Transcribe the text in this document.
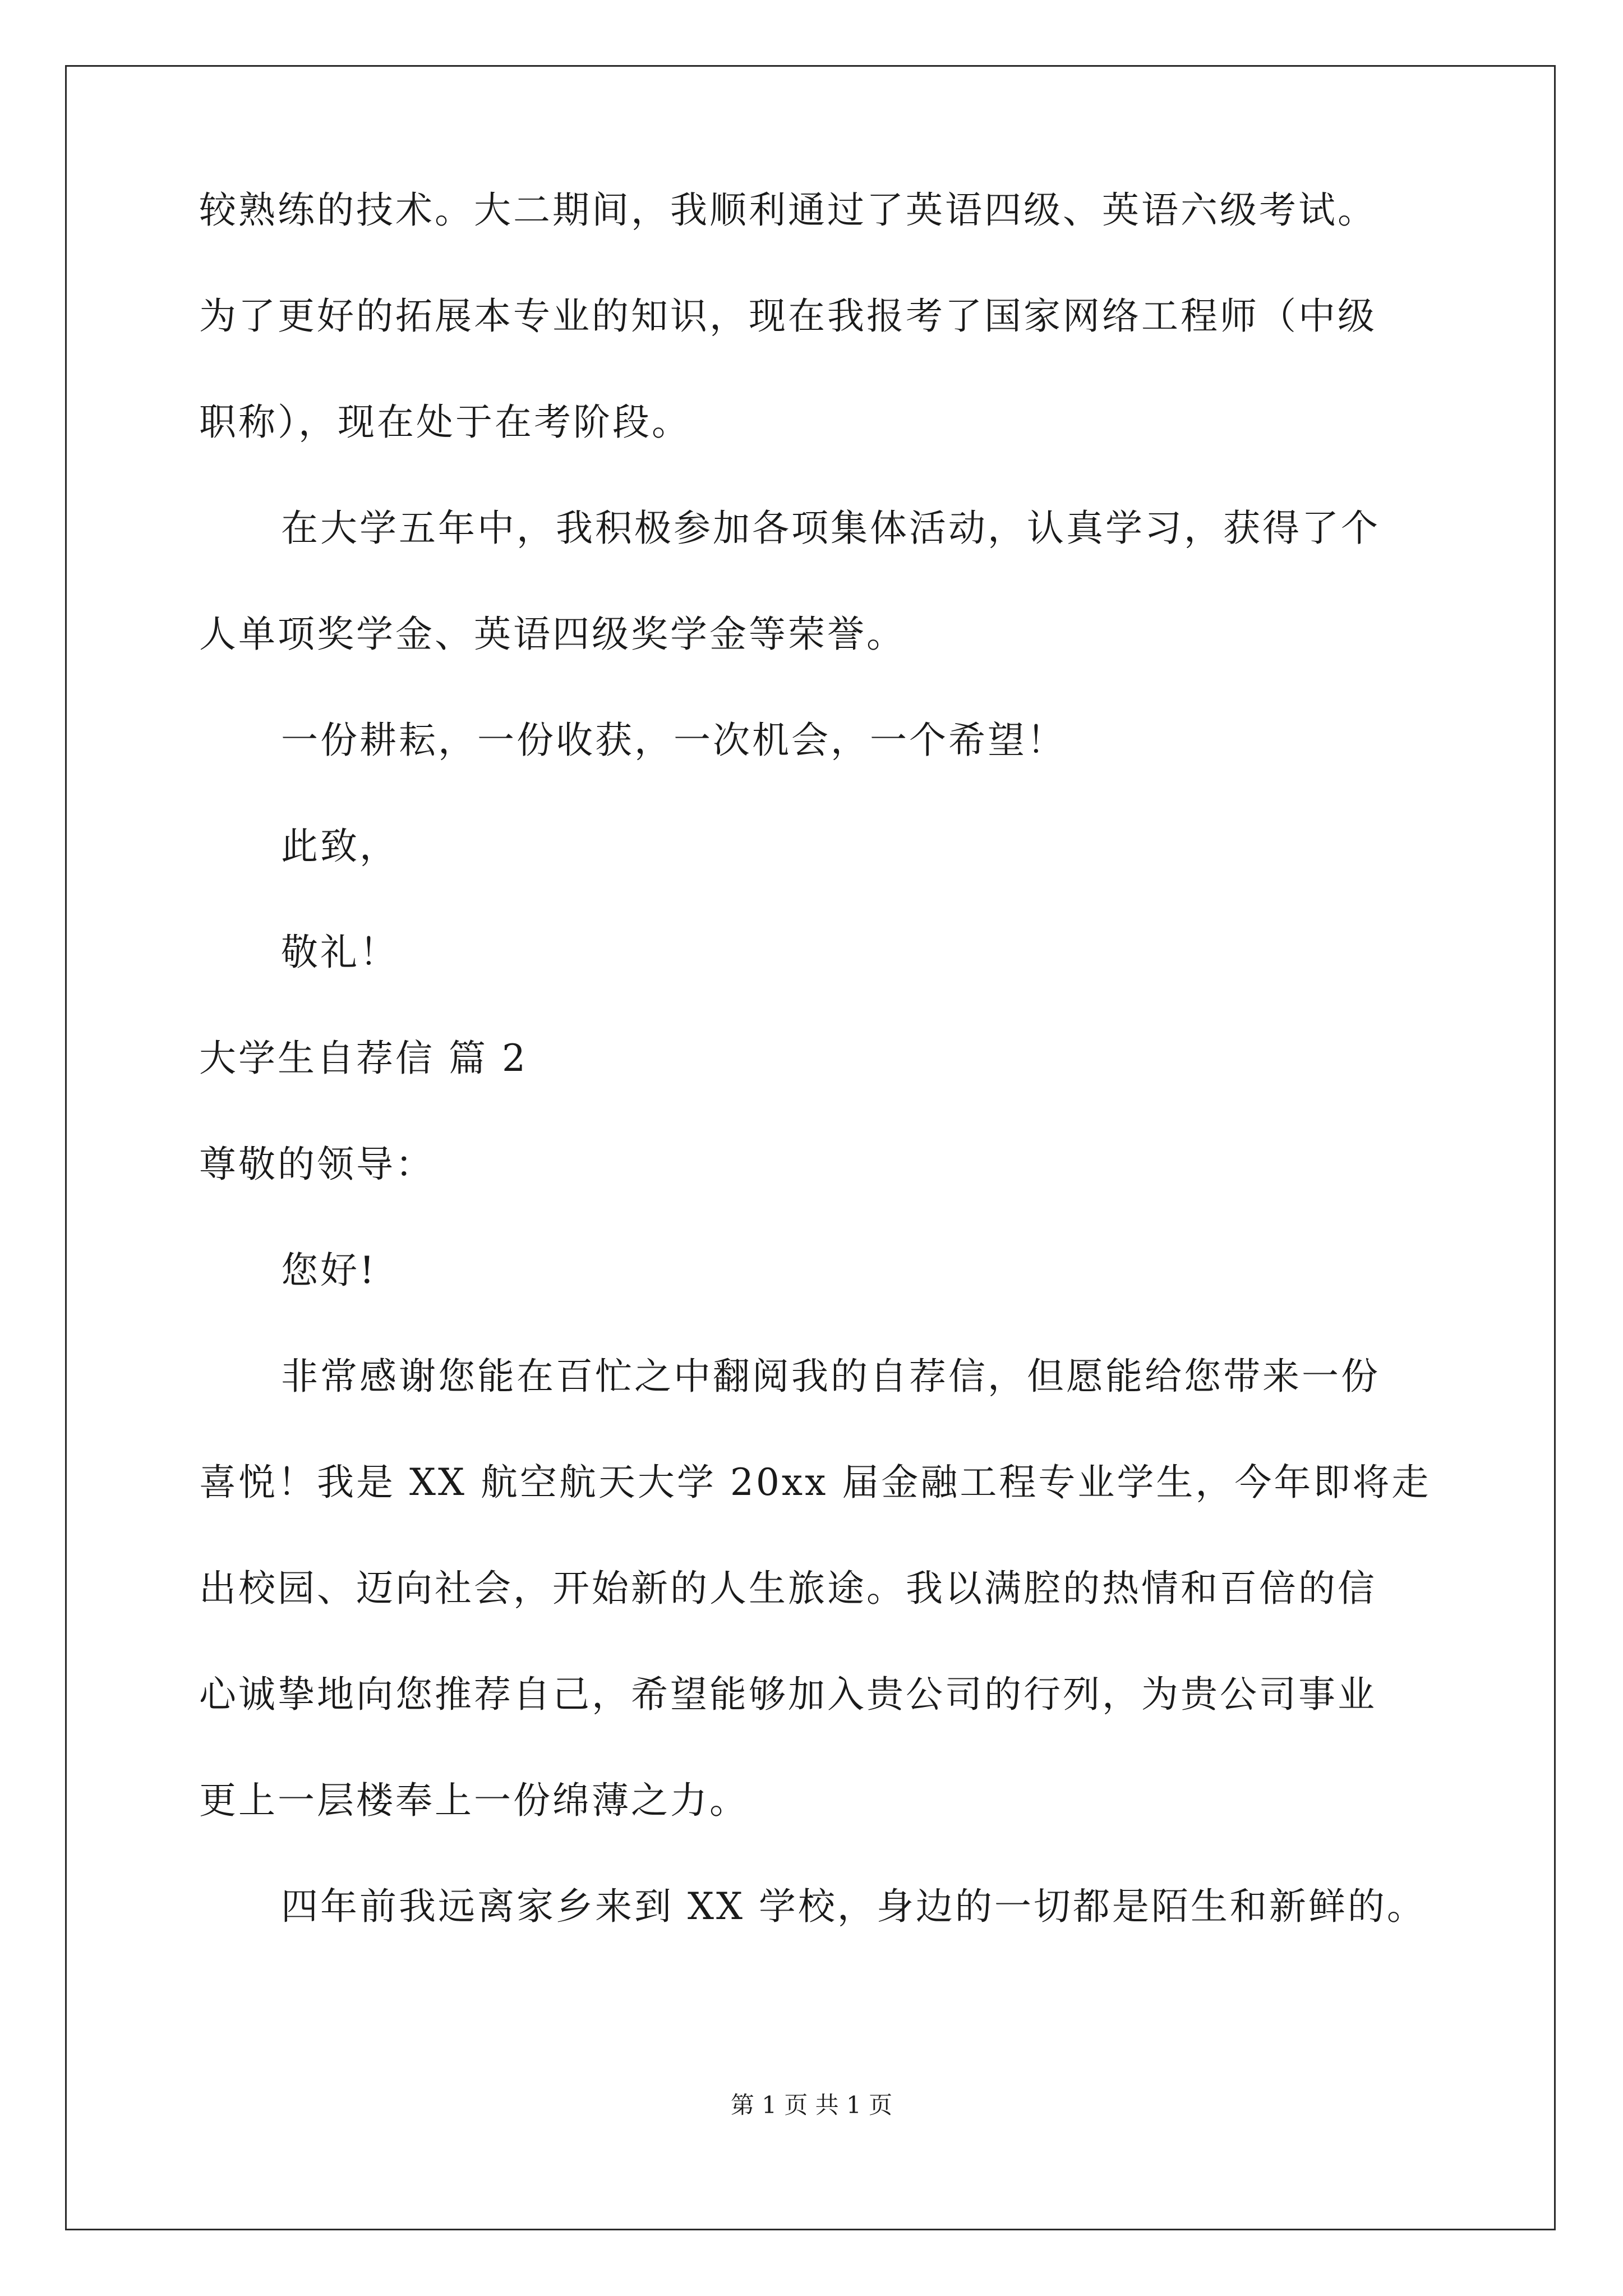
较熟练的技术。大二期间，我顺利通过了英语四级、英语六级考试。
为了更好的拓展本专业的知识，现在我报考了国家网络工程师（中级
职称），现在处于在考阶段。
在大学五年中，我积极参加各项集体活动，认真学习，获得了个
人单项奖学金、英语四级奖学金等荣誉。
一份耕耘，一份收获，一次机会，一个希望！
此致，
敬礼！
大学生自荐信 篇 2
尊敬的领导：
您好!
非常感谢您能在百忙之中翻阅我的自荐信，但愿能给您带来一份
喜悦！我是 XX 航空航天大学 20xx 届金融工程专业学生，今年即将走
出校园、迈向社会，开始新的人生旅途。我以满腔的热情和百倍的信
心诚挚地向您推荐自己，希望能够加入贵公司的行列，为贵公司事业
更上一层楼奉上一份绵薄之力。
四年前我远离家乡来到 XX 学校，身边的一切都是陌生和新鲜的。
第 1 页 共 1 页
